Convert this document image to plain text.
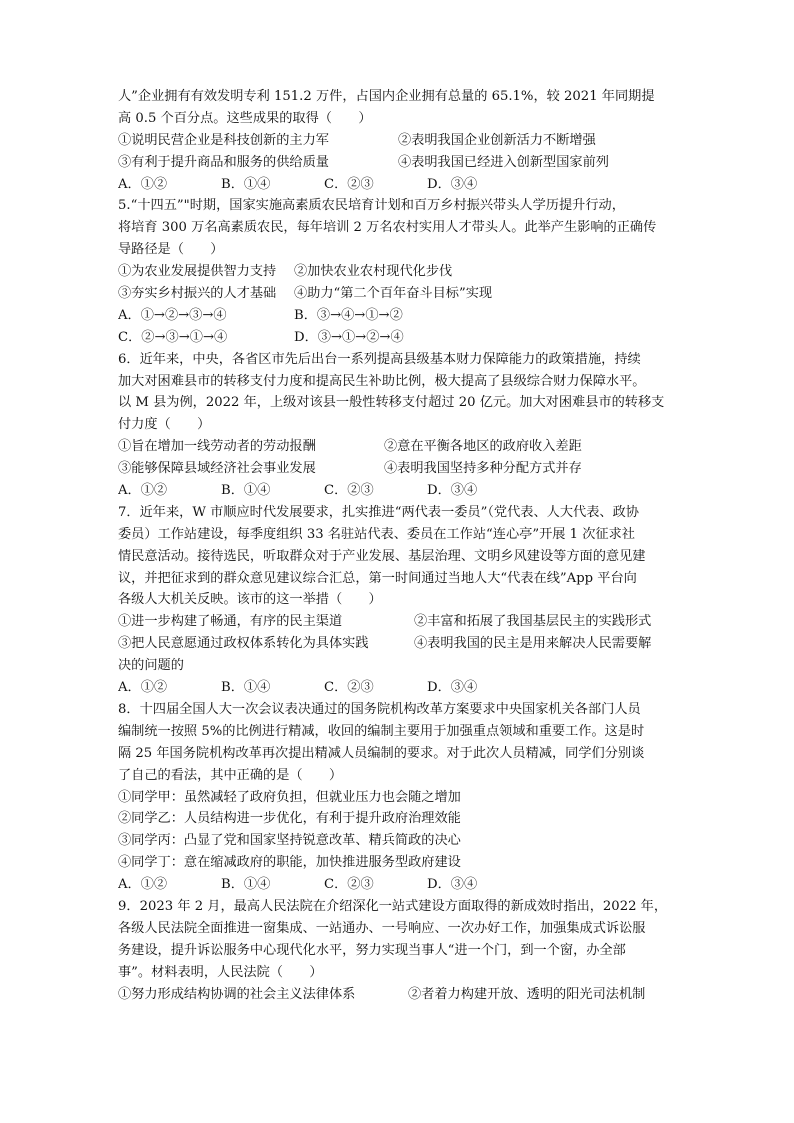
人”企业拥有有效发明专利 151.2 万件，占国内企业拥有总量的 65.1%，较 2021 年同期提
高 0.5 个百分点。这些成果的取得（　　）
①说明民营企业是科技创新的主力军	②表明我国企业创新活力不断增强
③有利于提升商品和服务的供给质量	④表明我国已经进入创新型国家前列
A．①②	B．①④	C．②③	D．③④
5.“十四五”"时期，国家实施高素质农民培育计划和百万乡村振兴带头人学历提升行动，
将培育 300 万名高素质农民，每年培训 2 万名农村实用人才带头人。此举产生影响的正确传
导路径是（　　）
①为农业发展提供智力支持	②加快农业农村现代化步伐
③夯实乡村振兴的人才基础	④助力“第二个百年奋斗目标”实现
A．①→②→③→④	B．③→④→①→②
C．②→③→①→④	D．③→①→②→④
6．近年来，中央，各省区市先后出台一系列提高县级基本财力保障能力的政策措施，持续
加大对困难县市的转移支付力度和提高民生补助比例，极大提高了县级综合财力保障水平。
以 M 县为例，2022 年，上级对该县一般性转移支付超过 20 亿元。加大对困难县市的转移支
付力度（　　）
①旨在增加一线劳动者的劳动报酬	②意在平衡各地区的政府收入差距
③能够保障县域经济社会事业发展	④表明我国坚持多种分配方式并存
A．①②	B．①④	C．②③	D．③④
7．近年来，W 市顺应时代发展要求，扎实推进“两代表一委员”（党代表、人大代表、政协
委员）工作站建设，每季度组织 33 名驻站代表、委员在工作站“连心亭”开展 1 次征求社
情民意活动。接待选民，听取群众对于产业发展、基层治理、文明乡风建设等方面的意见建
议，并把征求到的群众意见建议综合汇总，第一时间通过当地人大“代表在线”App 平台向
各级人大机关反映。该市的这一举措（　　）
①进一步构建了畅通，有序的民主渠道	②丰富和拓展了我国基层民主的实践形式
③把人民意愿通过政权体系转化为具体实践	④表明我国的民主是用来解决人民需要解
决的问题的
A．①②	B．①④	C．②③	D．③④
8．十四届全国人大一次会议表决通过的国务院机构改革方案要求中央国家机关各部门人员
编制统一按照 5%的比例进行精减，收回的编制主要用于加强重点领域和重要工作。这是时
隔 25 年国务院机构改革再次提出精减人员编制的要求。对于此次人员精减，同学们分别谈
了自己的看法，其中正确的是（　　）
①同学甲：虽然减轻了政府负担，但就业压力也会随之增加
②同学乙：人员结构进一步优化，有利于提升政府治理效能
③同学丙：凸显了党和国家坚持锐意改革、精兵简政的决心
④同学丁：意在缩减政府的职能，加快推进服务型政府建设
A．①②	B．①④	C．②③	D．③④
9．2023 年 2 月，最高人民法院在介绍深化一站式建设方面取得的新成效时指出，2022 年，
各级人民法院全面推进一窗集成、一站通办、一号响应、一次办好工作，加强集成式诉讼服
务建设，提升诉讼服务中心现代化水平，努力实现当事人“进一个门，到一个窗，办全部
事”。材料表明，人民法院（　　）
①努力形成结构协调的社会主义法律体系	②者着力构建开放、透明的阳光司法机制
